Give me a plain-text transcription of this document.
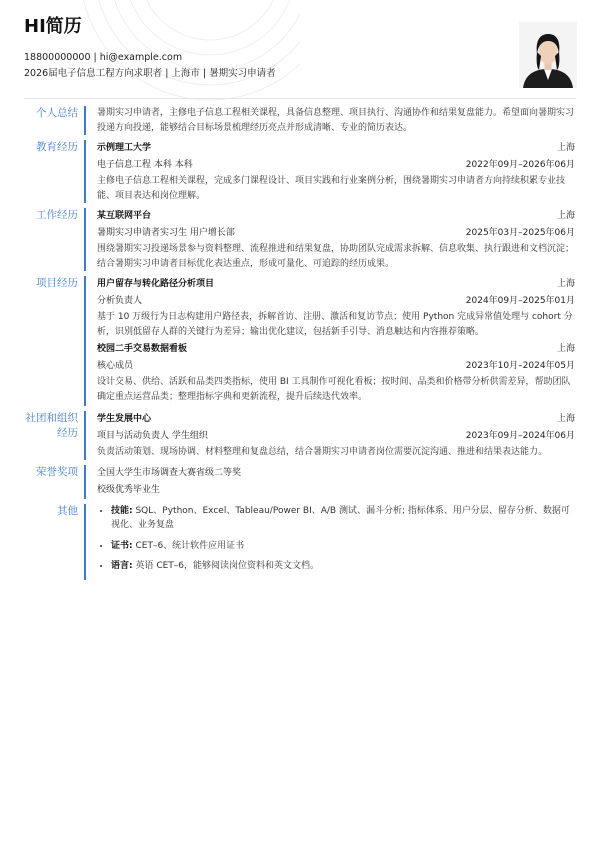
HI简历
18800000000 | hi@example.com
2026届电子信息工程方向求职者 | 上海市 | 暑期实习申请者
个人总结	暑期实习申请者，主修电子信息工程相关课程，具备信息整理、项目执行、沟通协作和结果复盘能力。希望面向暑期实习投递方向投递，能够结合目标场景梳理经历亮点并形成清晰、专业的简历表达。

教育经历	示例理工大学	上海
电子信息工程 本科 本科	2022年09月–2026年06月

主修电子信息工程相关课程，完成多门课程设计、项目实践和行业案例分析，围绕暑期实习申请者方向持续积累专业技能、项目表达和岗位理解。

工作经历	某互联网平台	上海
暑期实习申请者实习生 用户增长部	2025年03月–2025年06月

围绕暑期实习投递场景参与资料整理、流程推进和结果复盘，协助团队完成需求拆解、信息收集、执行跟进和文档沉淀；结合暑期实习申请者目标优化表达重点，形成可量化、可追踪的经历成果。

项目经历	用户留存与转化路径分析项目	上海
分析负责人	2024年09月–2025年01月

基于 10 万级行为日志构建用户路径表，拆解首访、注册、激活和复访节点；使用 Python 完成异常值处理与 cohort 分析，识别低留存人群的关键行为差异；输出优化建议，包括新手引导、消息触达和内容推荐策略。

校园二手交易数据看板	上海
核心成员	2023年10月–2024年05月

设计交易、供给、活跃和品类四类指标，使用 BI 工具制作可视化看板；按时间、品类和价格带分析供需差异，帮助团队确定重点运营品类；整理指标字典和更新流程，提升后续迭代效率。

社团和组织经历
学生发展中心	上海
项目与活动负责人 学生组织	2023年09月–2024年06月

负责活动策划、现场协调、材料整理和复盘总结，结合暑期实习申请者岗位需要沉淀沟通、推进和结果表达能力。

荣誉奖项	全国大学生市场调查大赛省级二等奖
校级优秀毕业生
其他
•	技能: SQL、Python、Excel、Tableau/Power BI、A/B 测试、漏斗分析; 指标体系、用户分层、留存分析、数据可视化、业务复盘
• 证书: CET–6、统计软件应用证书
• 语言: 英语 CET–6，能够阅读岗位资料和英文文档。
